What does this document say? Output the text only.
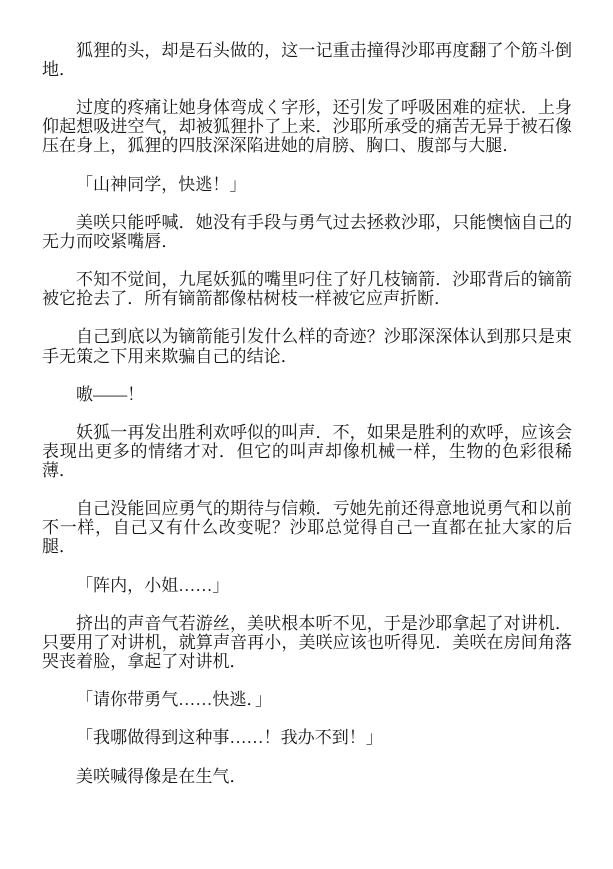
狐狸的头，却是石头做的，这一记重击撞得沙耶再度翻了个筋斗倒地．

过度的疼痛让她身体弯成く字形，还引发了呼吸困难的症状．上身仰起想吸进空气，却被狐狸扑了上来．沙耶所承受的痛苦无异于被石像压在身上，狐狸的四肢深深陷进她的肩膀、胸口、腹部与大腿．

「山神同学，快逃！」

美咲只能呼喊．她没有手段与勇气过去拯救沙耶，只能懊恼自己的无力而咬紧嘴唇．

不知不觉间，九尾妖狐的嘴里叼住了好几枝镝箭．沙耶背后的镝箭被它抢去了．所有镝箭都像枯树枝一样被它应声折断．

自己到底以为镝箭能引发什么样的奇迹？沙耶深深体认到那只是束手无策之下用来欺骗自己的结论．

嗷——！

妖狐一再发出胜利欢呼似的叫声．不，如果是胜利的欢呼，应该会表现出更多的情绪才对．但它的叫声却像机械一样，生物的色彩很稀薄．

自己没能回应勇气的期待与信赖．亏她先前还得意地说勇气和以前不一样，自己又有什么改变呢？沙耶总觉得自己一直都在扯大家的后腿．

「阵内，小姐……」

挤出的声音气若游丝，美吠根本听不见，于是沙耶拿起了对讲机．只要用了对讲机，就算声音再小，美咲应该也听得见．美咲在房间角落哭丧着脸，拿起了对讲机．

「请你带勇气……快逃．」

「我哪做得到这种事……！我办不到！」

美咲喊得像是在生气．
